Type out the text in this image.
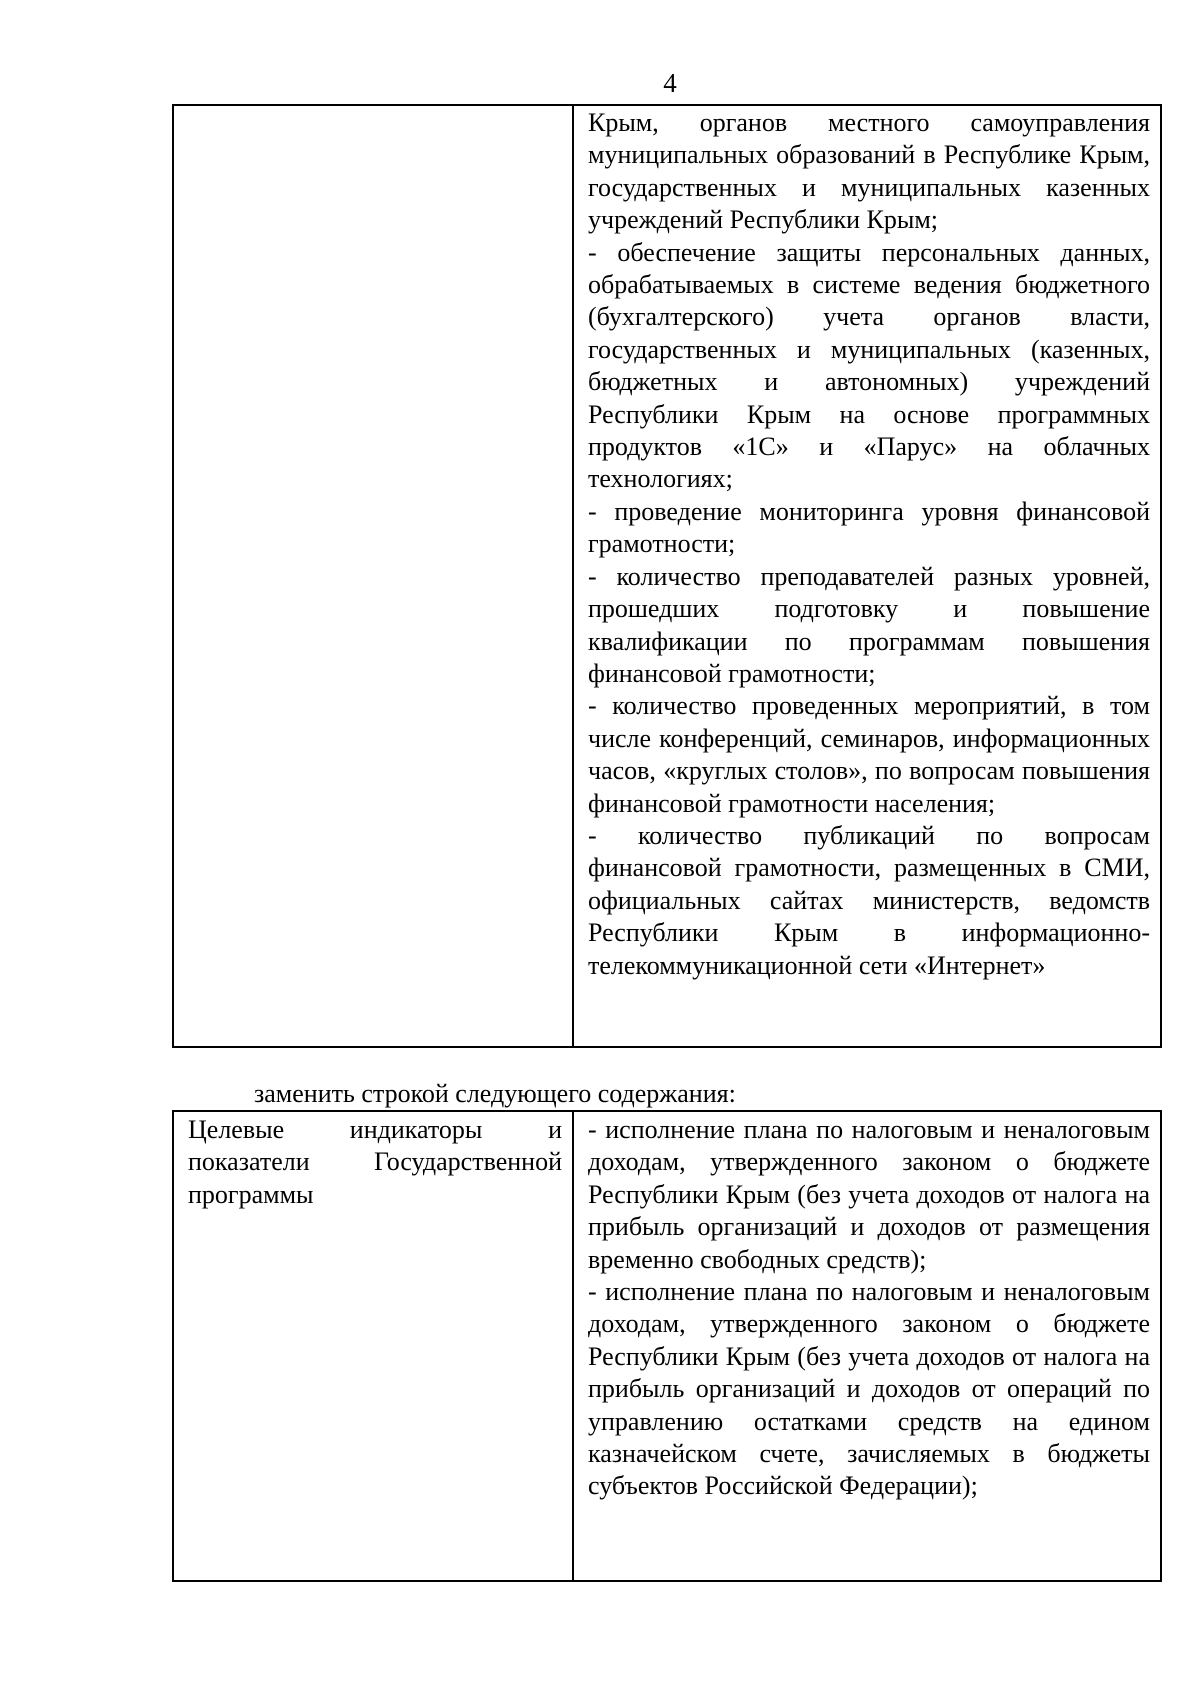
4
Крым, органов местного самоуправления муниципальных образований в Республике Крым, государственных и муниципальных казенных учреждений Республики Крым;
- обеспечение защиты персональных данных, обрабатываемых в системе ведения бюджетного (бухгалтерского) учета органов власти, государственных и муниципальных (казенных, бюджетных и автономных) учреждений Республики Крым на основе программных продуктов «1С» и «Парус» на облачных технологиях;
- проведение мониторинга уровня финансовой грамотности;
- количество преподавателей разных уровней, прошедших подготовку и повышение квалификации по программам повышения финансовой грамотности;
- количество проведенных мероприятий, в том числе конференций, семинаров, информационных часов, «круглых столов», по вопросам повышения финансовой грамотности населения;
- количество публикаций по вопросам финансовой грамотности, размещенных в СМИ, официальных сайтах министерств, ведомств Республики Крым в информационно-телекоммуникационной сети «Интернет»
заменить строкой следующего содержания:
Целевые индикаторы и показатели Государственной программы
- исполнение плана по налоговым и неналоговым доходам, утвержденного законом о бюджете Республики Крым (без учета доходов от налога на прибыль организаций и доходов от размещения временно свободных средств);
- исполнение плана по налоговым и неналоговым доходам, утвержденного законом о бюджете Республики Крым (без учета доходов от налога на прибыль организаций и доходов от операций по управлению остатками средств на едином казначейском счете, зачисляемых в бюджеты субъектов Российской Федерации);
